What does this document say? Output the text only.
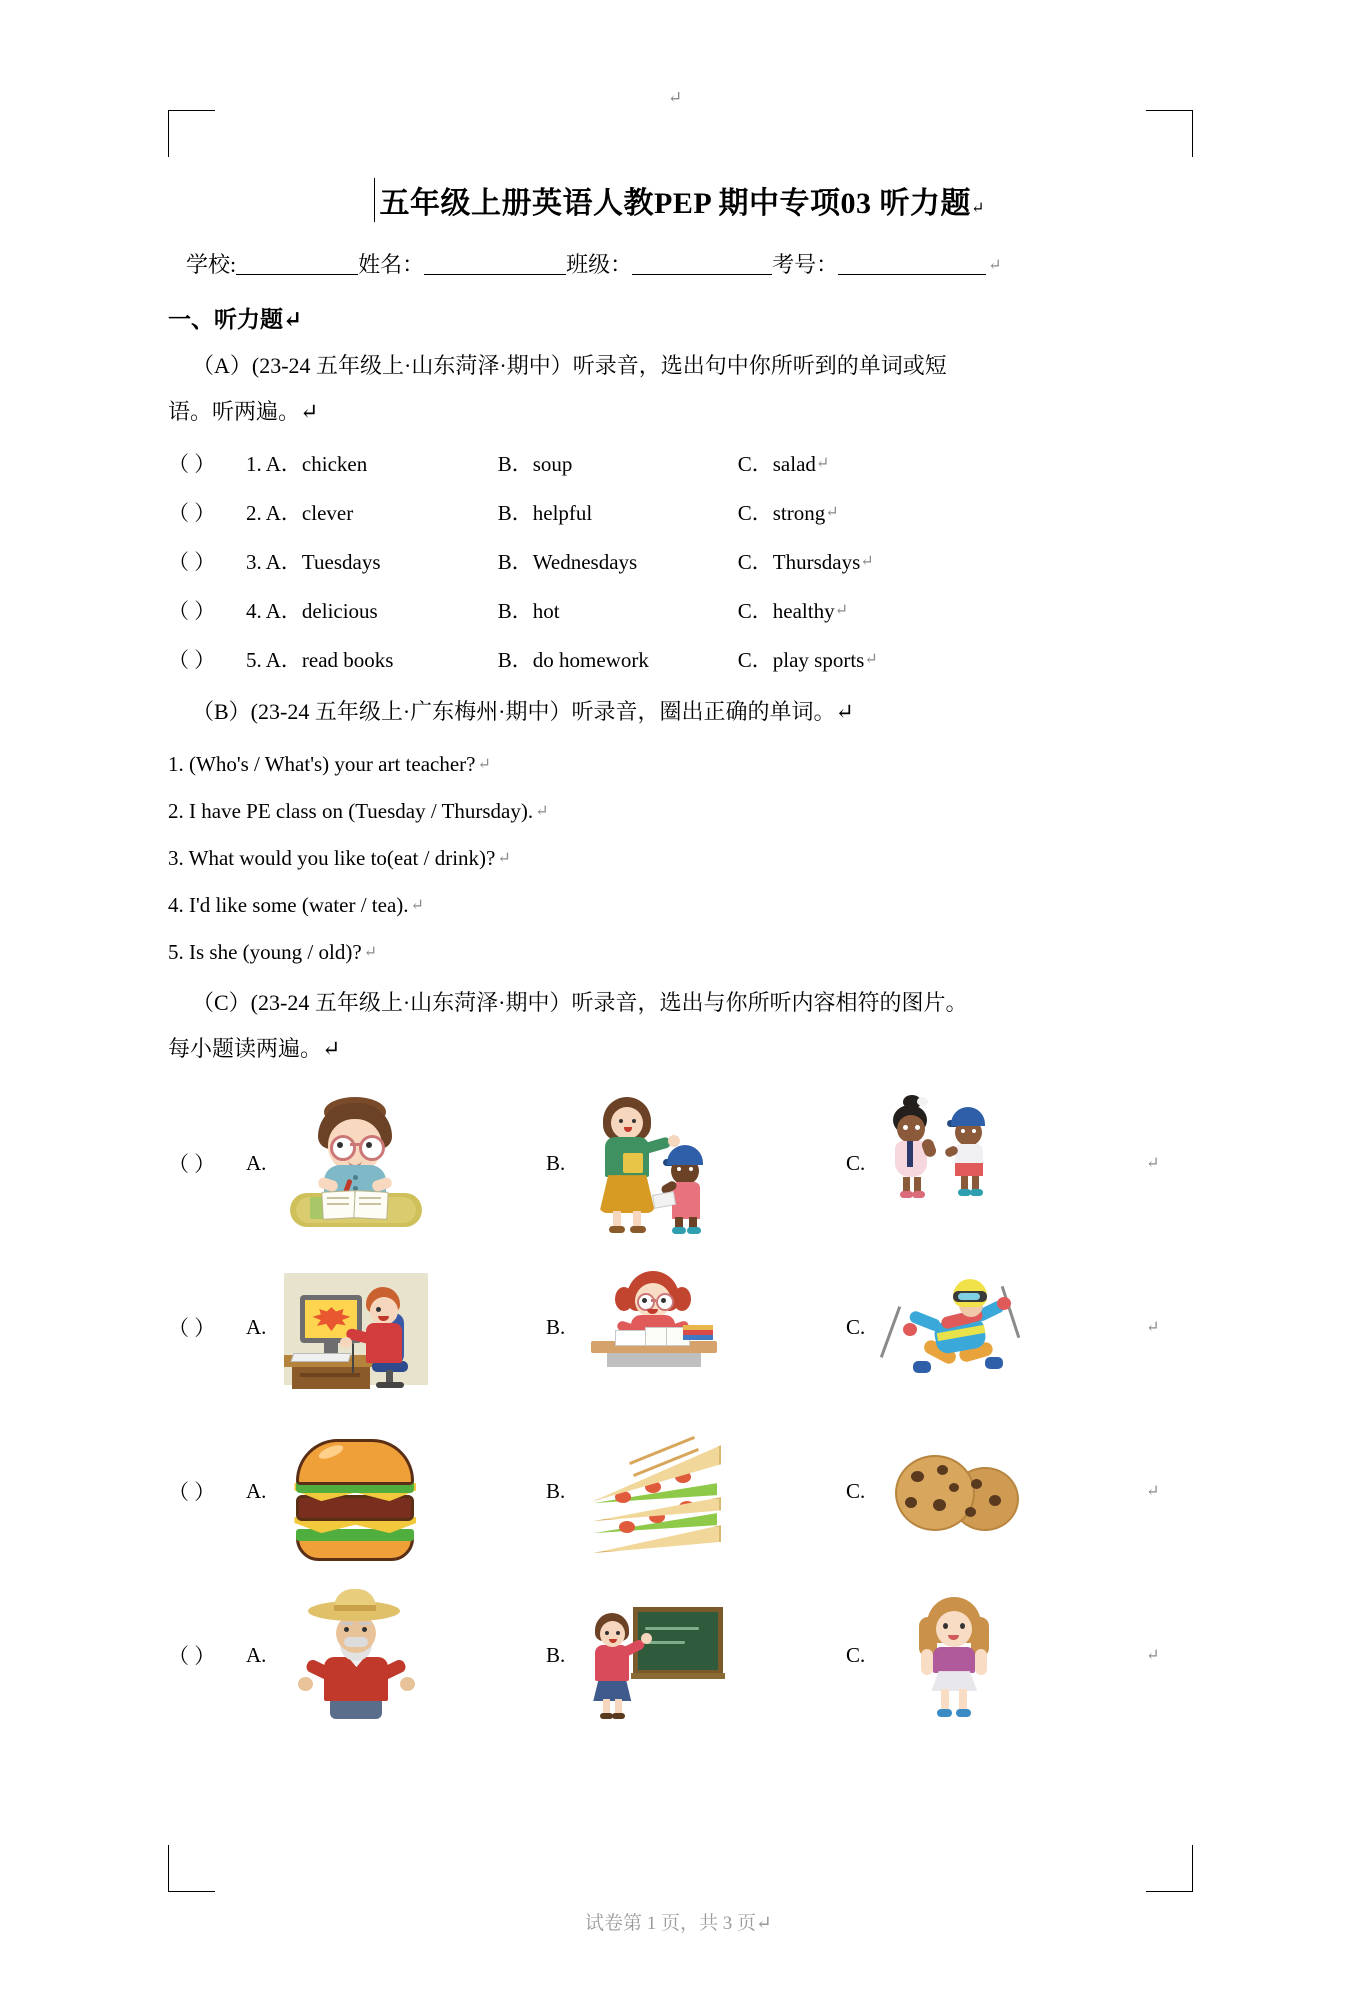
↵
五年级上册英语人教PEP 期中专项03 听力题↵
学校:	姓名：	班级：	考号：	↵
一、听力题↵
（A）(23-24 五年级上·山东菏泽·期中）听录音，选出句中你所听到的单词或短
语。听两遍。↵
（ ）	1. A．chicken	B．soup	C．salad ↵
（ ）	2. A．clever	B．helpful	C．strong ↵
（ ）	3. A．Tuesdays	B．Wednesdays	C．Thursdays ↵
（ ）	4. A．delicious	B．hot	C．healthy ↵
（ ）	5. A．read books	B．do homework	C．play sports ↵
（B）(23-24 五年级上·广东梅州·期中）听录音，圈出正确的单词。↵
1. (Who's / What's) your art teacher? ↵
2. I have PE class on (Tuesday / Thursday). ↵
3. What would you like to(eat / drink)? ↵
4. I'd like some (water / tea). ↵
5. Is she (young / old)? ↵
（C）(23-24 五年级上·山东菏泽·期中）听录音，选出与你所听内容相符的图片。
每小题读两遍。↵
（ ）	A.	B.	C.	↵
（ ）	A.	B.	C.	↵
（ ）	A.	B.	C.	↵
（ ）	A.	B.	C.	↵
试卷第 1 页，共 3 页↵
